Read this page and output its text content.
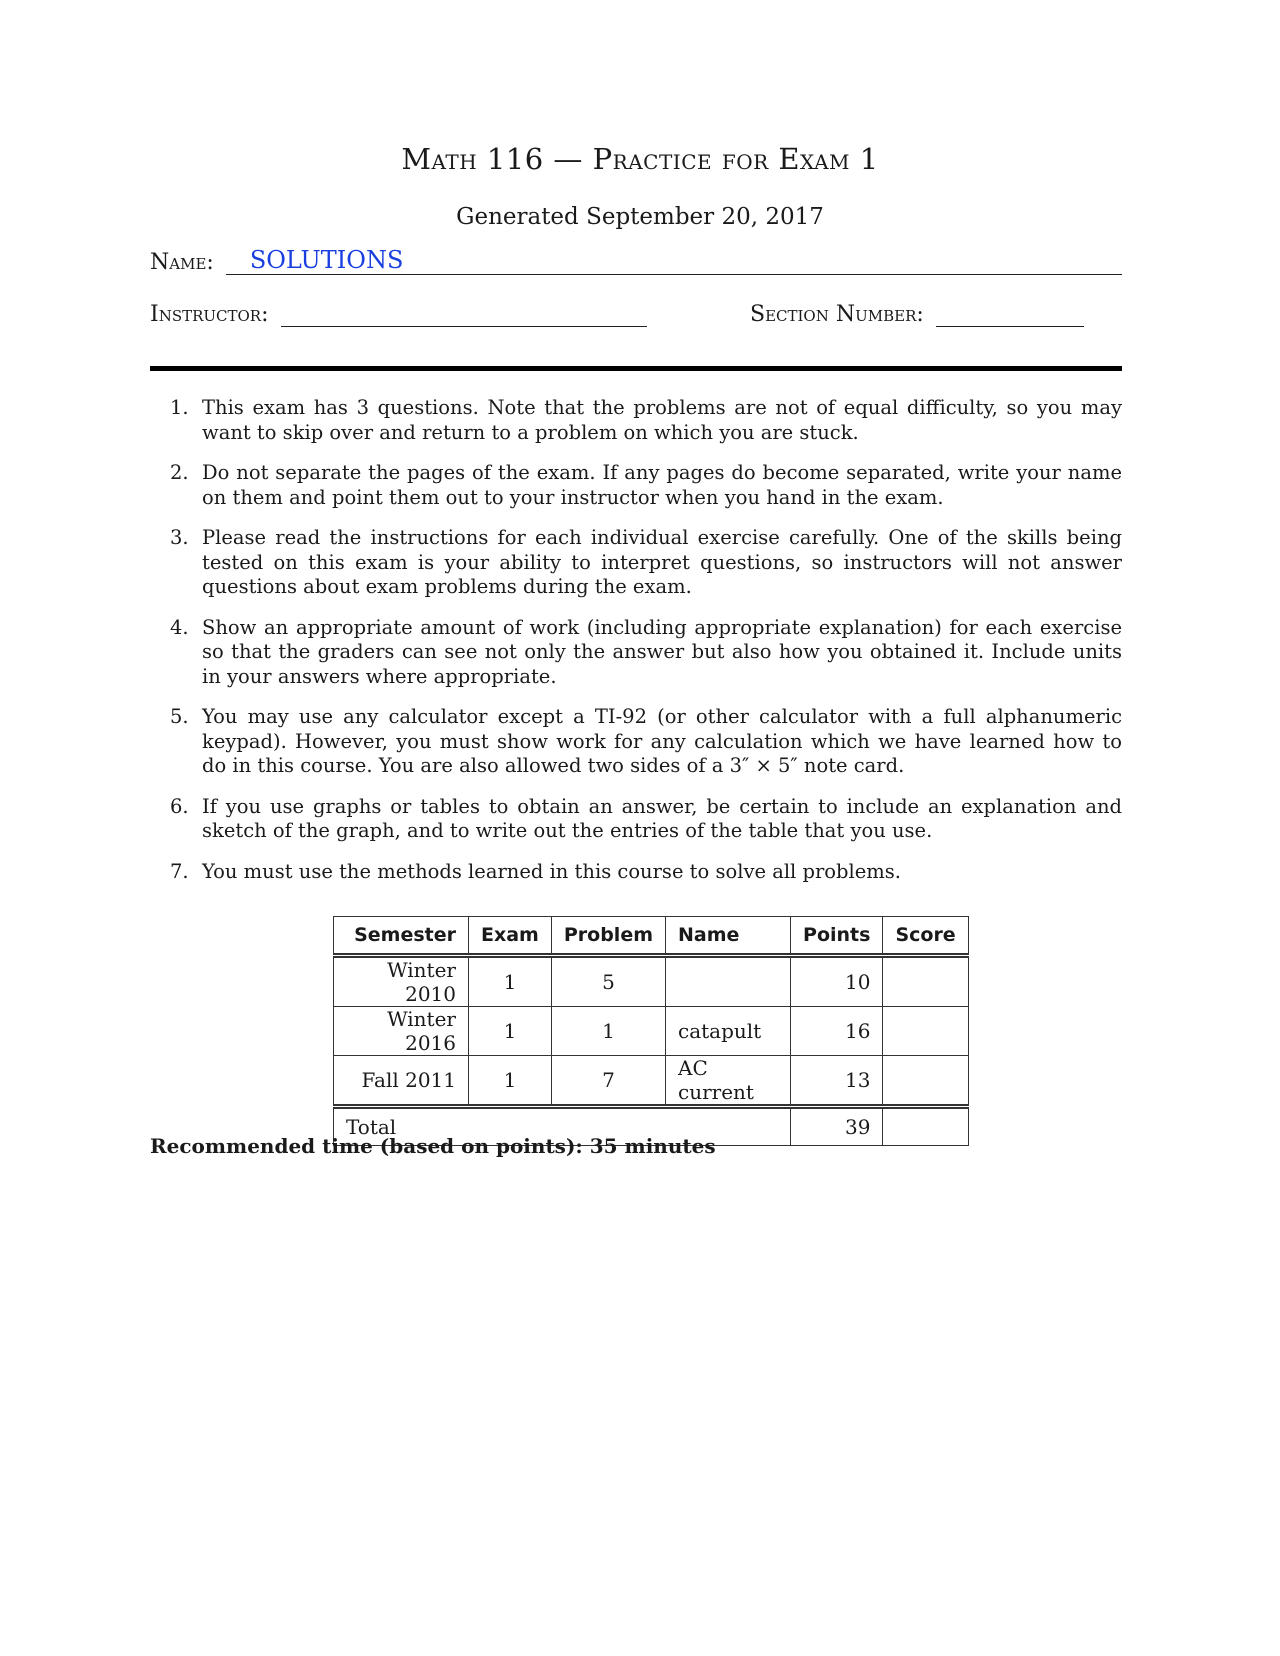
Math 116 — Practice for Exam 1
Generated September 20, 2017
Name: SOLUTIONS
Instructor:	Section Number:
1. This exam has 3 questions. Note that the problems are not of equal difficulty, so you may want to skip over and return to a problem on which you are stuck.
2. Do not separate the pages of the exam. If any pages do become separated, write your name on them and point them out to your instructor when you hand in the exam.
3. Please read the instructions for each individual exercise carefully. One of the skills being tested on this exam is your ability to interpret questions, so instructors will not answer questions about exam problems during the exam.
4. Show an appropriate amount of work (including appropriate explanation) for each exercise so that the graders can see not only the answer but also how you obtained it. Include units in your answers where appropriate.
5. You may use any calculator except a TI-92 (or other calculator with a full alphanumeric keypad). However, you must show work for any calculation which we have learned how to do in this course. You are also allowed two sides of a 3″ × 5″ note card.
6. If you use graphs or tables to obtain an answer, be certain to include an explanation and sketch of the graph, and to write out the entries of the table that you use.
7. You must use the methods learned in this course to solve all problems.
Semester	Exam	Problem	Name	Points	Score
Winter 2010	1	5		10	
Winter 2016	1	1	catapult	16	
Fall 2011	1	7	AC current	13	
Total				39	
Recommended time (based on points): 35 minutes
